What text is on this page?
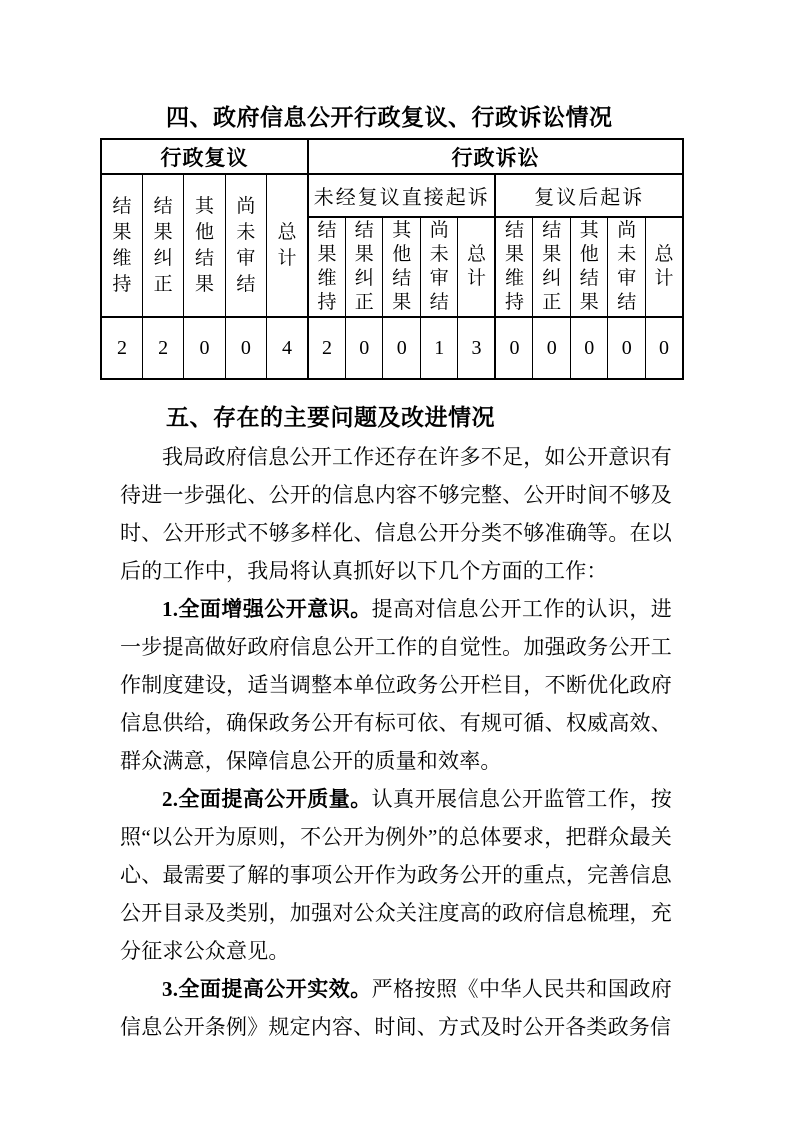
四、政府信息公开行政复议、行政诉讼情况
行政复议					行政诉讼									

结果维持	结果纠正	其他结果	尚未审结	总计	未经复议直接起诉					复议后起诉				

					结果维持	结果纠正	其他结果	尚未审结	总计	结果维持	结果纠正	其他结果	尚未审结	总计

2	2	0	0	4	2	0	0	1	3	0	0	0	0	0
五、存在的主要问题及改进情况

我局政府信息公开工作还存在许多不足，如公开意识有待进一步强化、公开的信息内容不够完整、公开时间不够及时、公开形式不够多样化、信息公开分类不够准确等。在以后的工作中，我局将认真抓好以下几个方面的工作：

1.全面增强公开意识。提高对信息公开工作的认识，进一步提高做好政府信息公开工作的自觉性。加强政务公开工作制度建设，适当调整本单位政务公开栏目，不断优化政府信息供给，确保政务公开有标可依、有规可循、权威高效、群众满意，保障信息公开的质量和效率。

2.全面提高公开质量。认真开展信息公开监管工作，按照“以公开为原则，不公开为例外”的总体要求，把群众最关心、最需要了解的事项公开作为政务公开的重点，完善信息公开目录及类别，加强对公众关注度高的政府信息梳理，充分征求公众意见。

3.全面提高公开实效。严格按照《中华人民共和国政府信息公开条例》规定内容、时间、方式及时公开各类政务信
